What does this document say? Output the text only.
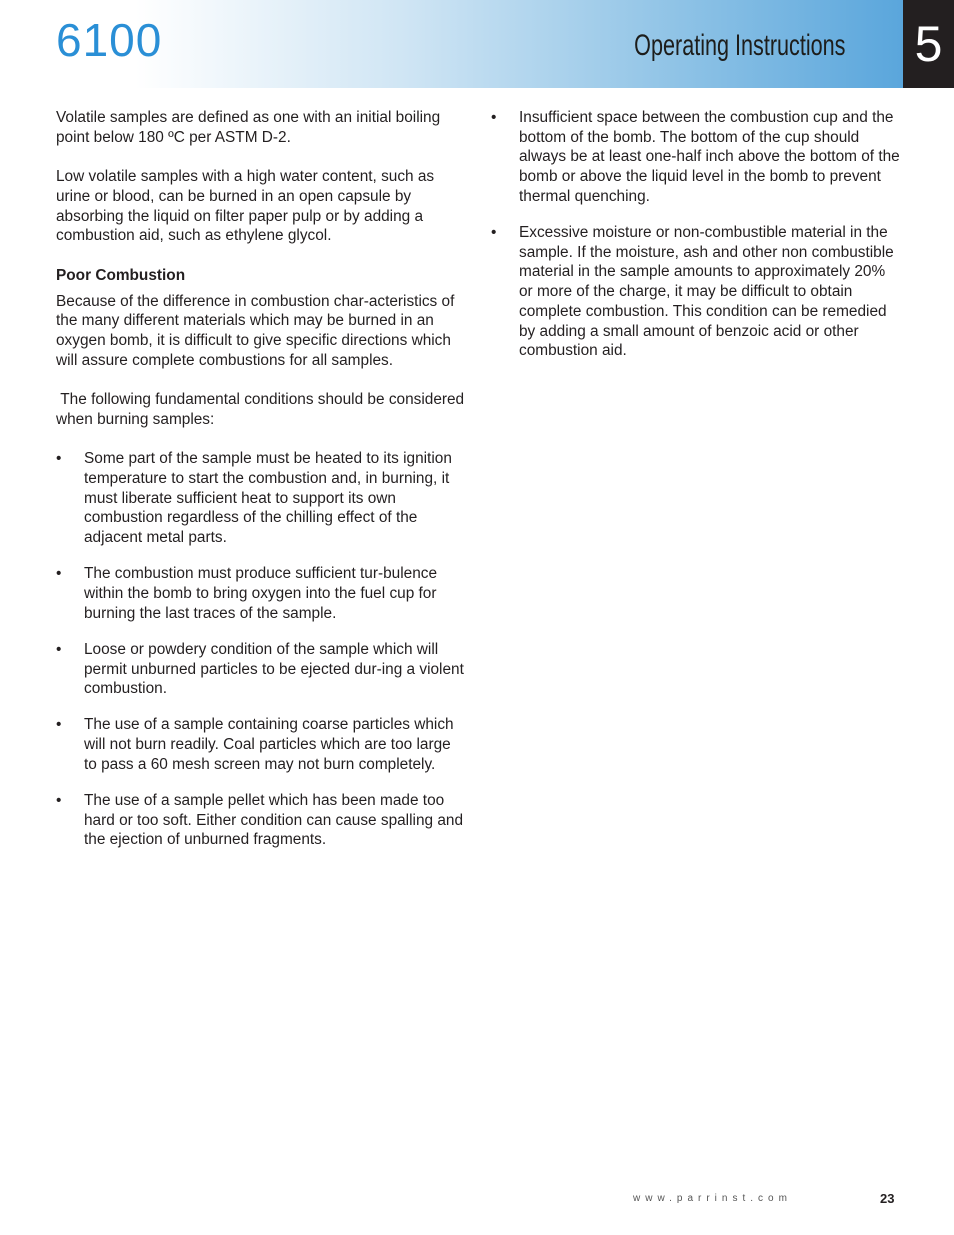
6100	Operating Instructions 5

Volatile samples are defined as one with an initial boiling point below 180 ºC per ASTM D-2.

Low volatile samples with a high water content, such as urine or blood, can be burned in an open capsule by absorbing the liquid on filter paper pulp or by adding a combustion aid, such as ethylene glycol.

Poor Combustion

Because of the difference in combustion char-acteristics of the many different materials which may be burned in an oxygen bomb, it is difficult to give specific directions which will assure complete combustions for all samples.

The following fundamental conditions should be considered when burning samples:

• Some part of the sample must be heated to its ignition temperature to start the combustion and, in burning, it must liberate sufficient heat to support its own combustion regardless of the chilling effect of the adjacent metal parts.
• The combustion must produce sufficient tur-bulence within the bomb to bring oxygen into the fuel cup for burning the last traces of the sample.
• Loose or powdery condition of the sample which will permit unburned particles to be ejected dur-ing a violent combustion.
• The use of a sample containing coarse particles which will not burn readily. Coal particles which are too large to pass a 60 mesh screen may not burn completely.
• The use of a sample pellet which has been made too hard or too soft. Either condition can cause spalling and the ejection of unburned fragments.
• Insufficient space between the combustion cup and the bottom of the bomb. The bottom of the cup should always be at least one-half inch above the bottom of the bomb or above the liquid level in the bomb to prevent thermal quenching.
• Excessive moisture or non-combustible material in the sample. If the moisture, ash and other non combustible material in the sample amounts to approximately 20% or more of the charge, it may be difficult to obtain complete combustion. This condition can be remedied by adding a small amount of benzoic acid or other combustion aid.
www.parrinst.com	23
